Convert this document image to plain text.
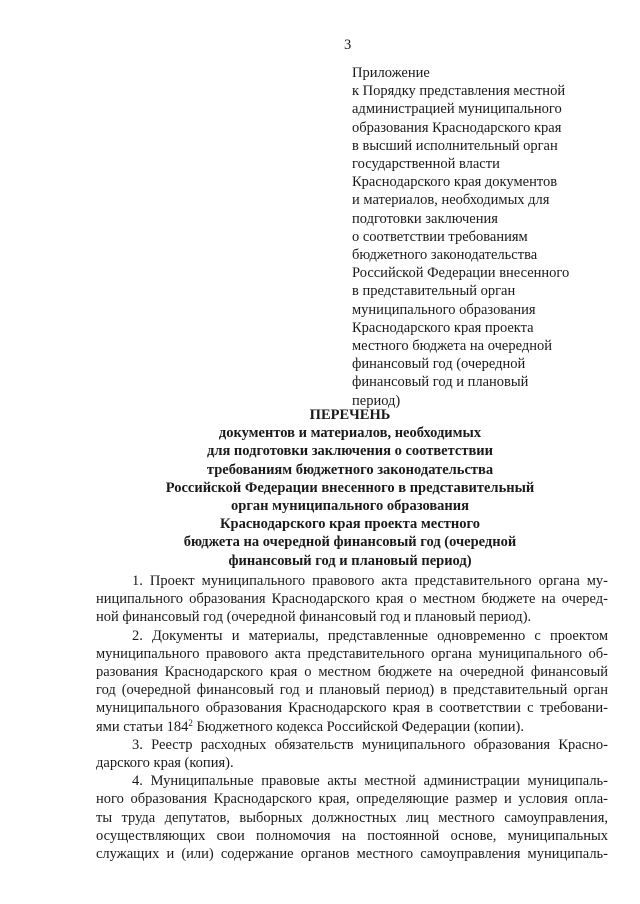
3
Приложение
к Порядку представления местной
администрацией муниципального
образования Краснодарского края
в высший исполнительный орган
государственной власти
Краснодарского края документов
и материалов, необходимых для
подготовки заключения
о соответствии требованиям
бюджетного законодательства
Российской Федерации внесенного
в представительный орган
муниципального образования
Краснодарского края проекта
местного бюджета на очередной
финансовый год (очередной
финансовый год и плановый
период)
ПЕРЕЧЕНЬ
документов и материалов, необходимых
для подготовки заключения о соответствии
требованиям бюджетного законодательства
Российской Федерации внесенного в представительный
орган муниципального образования
Краснодарского края проекта местного
бюджета на очередной финансовый год (очередной
финансовый год и плановый период)
1. Проект муниципального правового акта представительного органа му-
ниципального образования Краснодарского края о местном бюджете на очеред-
ной финансовый год (очередной финансовый год и плановый период).
2. Документы и материалы, представленные одновременно с проектом
муниципального правового акта представительного органа муниципального об-
разования Краснодарского края о местном бюджете на очередной финансовый
год (очередной финансовый год и плановый период) в представительный орган
муниципального образования Краснодарского края в соответствии с требовани-
ями статьи $184^2$ Бюджетного кодекса Российской Федерации (копии).
3. Реестр расходных обязательств муниципального образования Красно-
дарского края (копия).
4. Муниципальные правовые акты местной администрации муниципаль-
ного образования Краснодарского края, определяющие размер и условия опла-
ты труда депутатов, выборных должностных лиц местного самоуправления,
осуществляющих свои полномочия на постоянной основе, муниципальных
служащих и (или) содержание органов местного самоуправления муниципаль-
